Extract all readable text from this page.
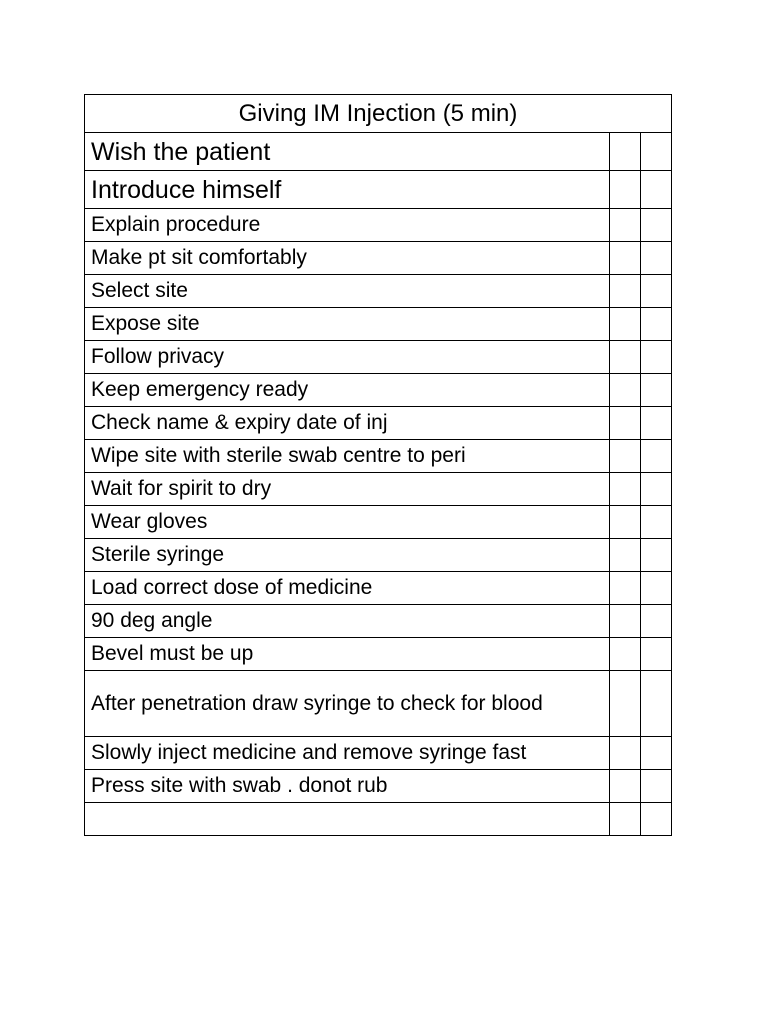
Giving IM Injection (5 min)		
Wish the patient		
Introduce himself		
Explain procedure		
Make pt sit comfortably		
Select site		
Expose site		
Follow privacy		
Keep emergency ready		
Check name & expiry date of inj		
Wipe site with sterile swab centre to peri		
Wait for spirit to dry		
Wear gloves		
Sterile syringe		
Load correct dose of medicine		
90 deg angle		
Bevel must be up		
After penetration draw syringe to check for blood		
Slowly inject medicine and remove syringe fast		
Press site with swab . donot rub		
